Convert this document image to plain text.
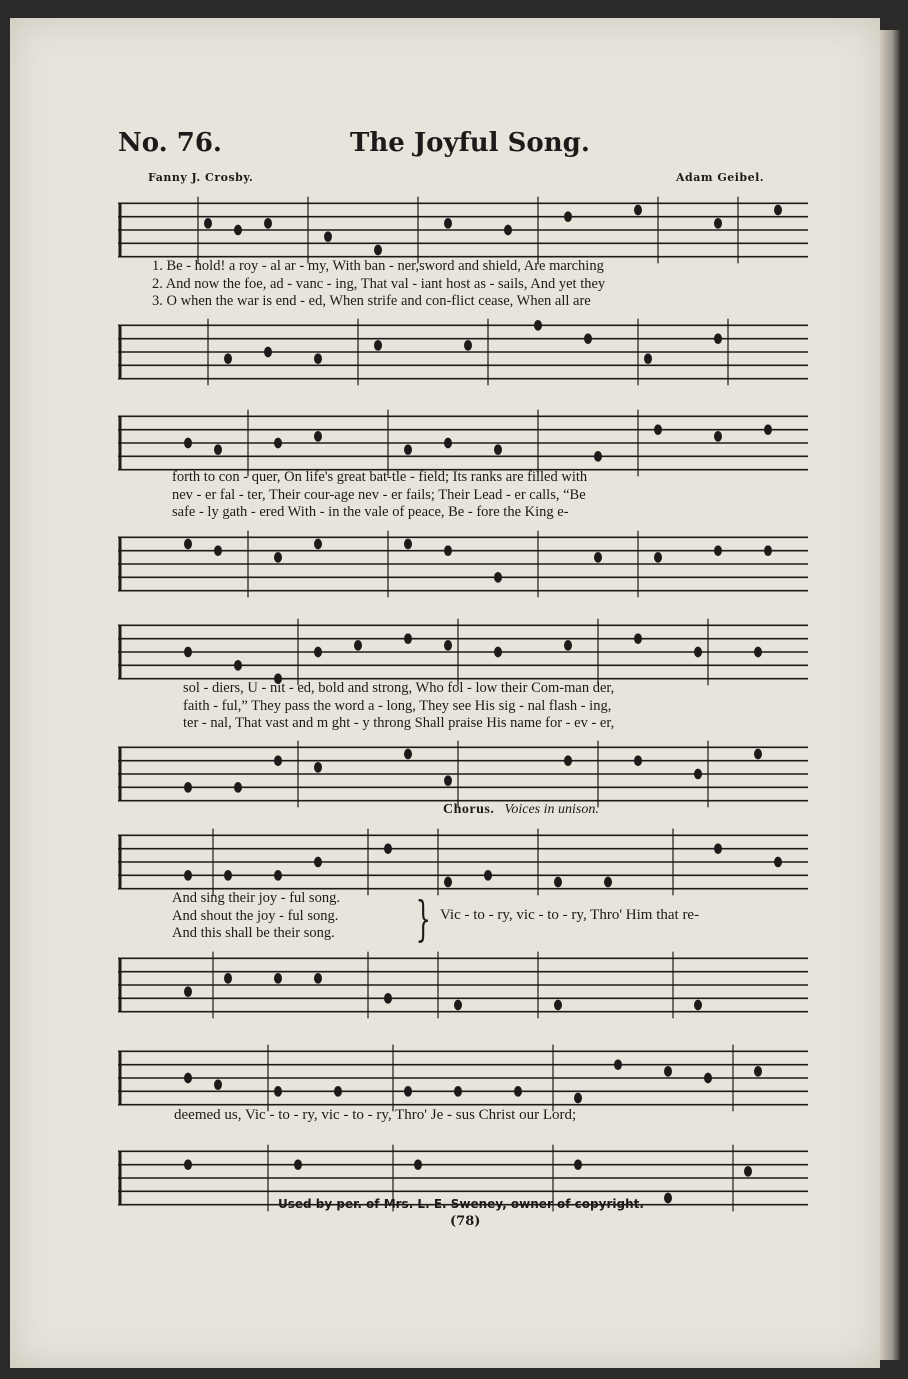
No. 76.	The Joyful Song.
Fanny J. Crosby.	Adam Geibel.
1. Be - hold! a roy - al ar - my, With ban - ner,sword and shield, Are marching
2. And now the foe, ad - vanc - ing, That val - iant host as - sails, And yet they
3. O when the war is end - ed, When strife and con-flict cease, When all are
forth to con - quer, On life's great bat-tle - field; Its ranks are filled with
nev - er fal - ter, Their cour-age nev - er fails; Their Lead - er calls, “Be
safe - ly gath - ered With - in the vale of peace, Be - fore the King e-
sol - diers, U - nit - ed, bold and strong, Who fol - low their Com-man der,
faith - ful,” They pass the word a - long, They see His sig - nal flash - ing,
ter - nal, That vast and m ght - y throng Shall praise His name for - ev - er,
Chorus. Voices in unison.
And sing their joy - ful song.
And shout the joy - ful song.
And this shall be their song. } Vic - to - ry, vic - to - ry, Thro' Him that re-
deemed us, Vic - to - ry, vic - to - ry, Thro' Je - sus Christ our Lord;
Used by per. of Mrs. L. E. Sweney, owner of copyright.
(78)
